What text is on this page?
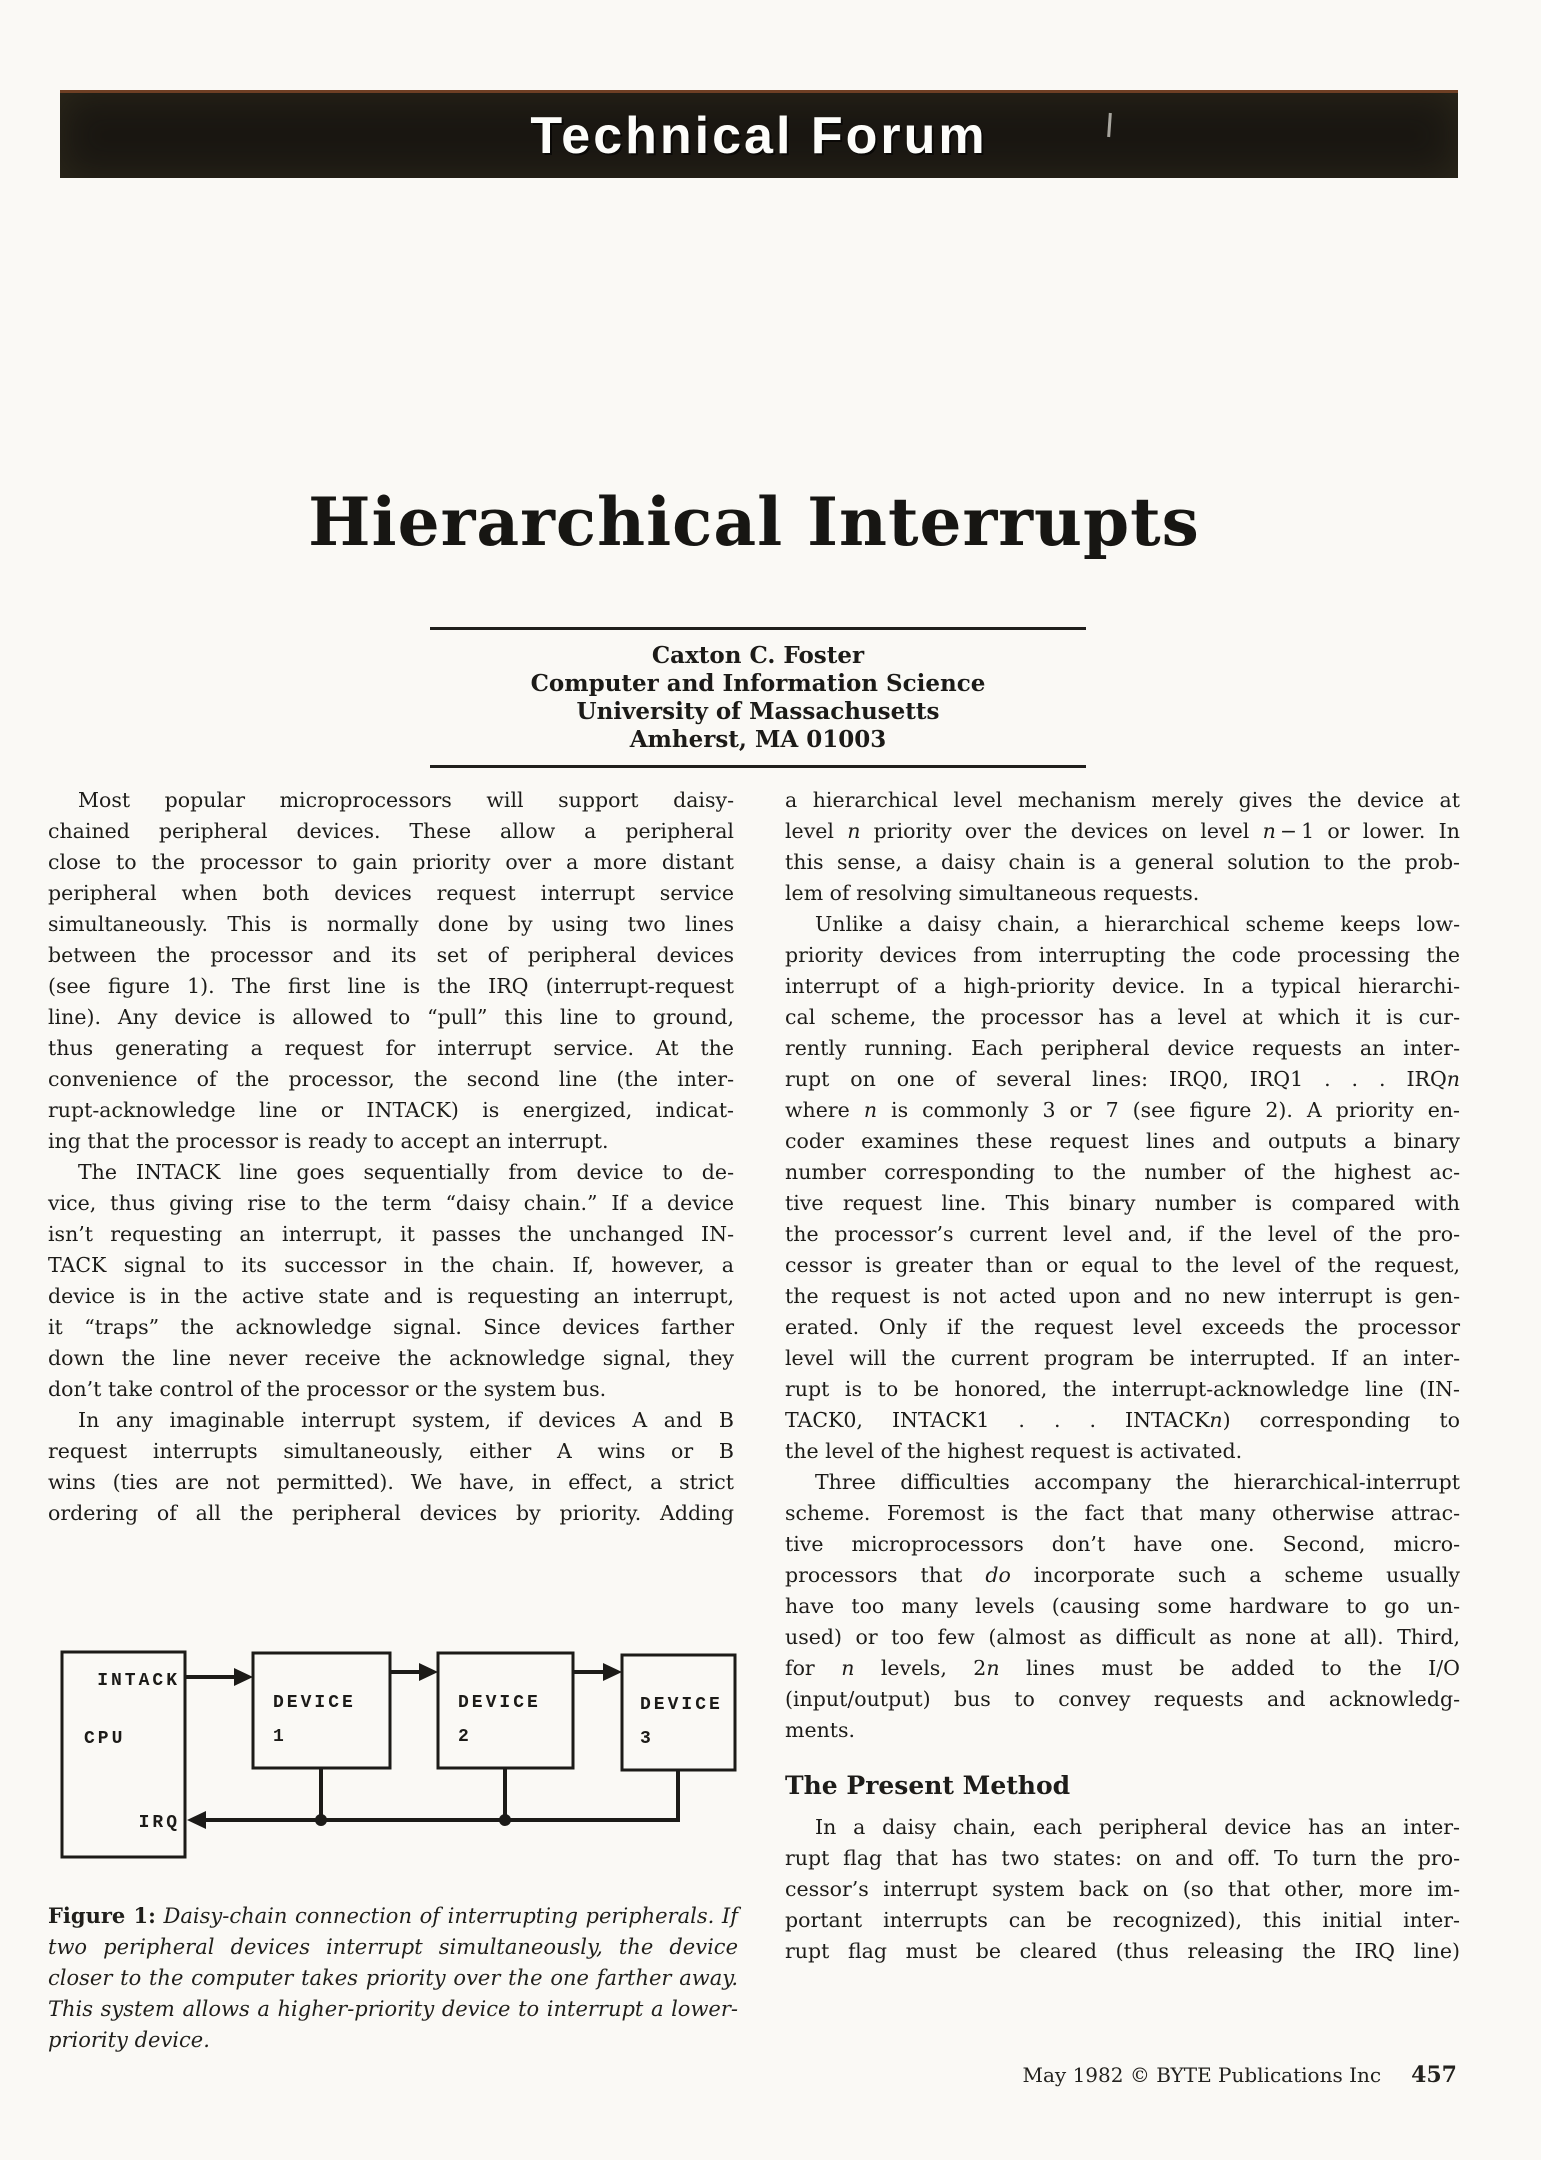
Technical Forum
Hierarchical Interrupts
Caxton C. Foster
Computer and Information Science
University of Massachusetts
Amherst, MA 01003
Most popular microprocessors will support daisy-
chained peripheral devices. These allow a peripheral
close to the processor to gain priority over a more distant
peripheral when both devices request interrupt service
simultaneously. This is normally done by using two lines
between the processor and its set of peripheral devices
(see figure 1). The first line is the IRQ (interrupt-request
line). Any device is allowed to “pull” this line to ground,
thus generating a request for interrupt service. At the
convenience of the processor, the second line (the inter-
rupt-acknowledge line or INTACK) is energized, indicat-
ing that the processor is ready to accept an interrupt.
The INTACK line goes sequentially from device to de-
vice, thus giving rise to the term “daisy chain.” If a device
isn’t requesting an interrupt, it passes the unchanged IN-
TACK signal to its successor in the chain. If, however, a
device is in the active state and is requesting an interrupt,
it “traps” the acknowledge signal. Since devices farther
down the line never receive the acknowledge signal, they
don’t take control of the processor or the system bus.
In any imaginable interrupt system, if devices A and B
request interrupts simultaneously, either A wins or B
wins (ties are not permitted). We have, in effect, a strict
ordering of all the peripheral devices by priority. Adding
a hierarchical level mechanism merely gives the device at
level n priority over the devices on level n − 1 or lower. In
this sense, a daisy chain is a general solution to the prob-
lem of resolving simultaneous requests.
Unlike a daisy chain, a hierarchical scheme keeps low-
priority devices from interrupting the code processing the
interrupt of a high-priority device. In a typical hierarchi-
cal scheme, the processor has a level at which it is cur-
rently running. Each peripheral device requests an inter-
rupt on one of several lines: IRQ0, IRQ1 . . . IRQn
where n is commonly 3 or 7 (see figure 2). A priority en-
coder examines these request lines and outputs a binary
number corresponding to the number of the highest ac-
tive request line. This binary number is compared with
the processor’s current level and, if the level of the pro-
cessor is greater than or equal to the level of the request,
the request is not acted upon and no new interrupt is gen-
erated. Only if the request level exceeds the processor
level will the current program be interrupted. If an inter-
rupt is to be honored, the interrupt-acknowledge line (IN-
TACK0, INTACK1 . . . INTACKn) corresponding to
the level of the highest request is activated.
Three difficulties accompany the hierarchical-interrupt
scheme. Foremost is the fact that many otherwise attrac-
tive microprocessors don’t have one. Second, micro-
processors that do incorporate such a scheme usually
have too many levels (causing some hardware to go un-
used) or too few (almost as difficult as none at all). Third,
for n levels, 2n lines must be added to the I/O
(input/output) bus to convey requests and acknowledg-
ments.
The Present Method
In a daisy chain, each peripheral device has an inter-
rupt flag that has two states: on and off. To turn the pro-
cessor’s interrupt system back on (so that other, more im-
portant interrupts can be recognized), this initial inter-
rupt flag must be cleared (thus releasing the IRQ line)
INTACK
CPU
IRQ
DEVICE
1
DEVICE
2
DEVICE
3
Figure 1: Daisy-chain connection of interrupting peripherals. If
two peripheral devices interrupt simultaneously, the device
closer to the computer takes priority over the one farther away.
This system allows a higher-priority device to interrupt a lower-
priority device.
May 1982 © BYTE Publications Inc 457
